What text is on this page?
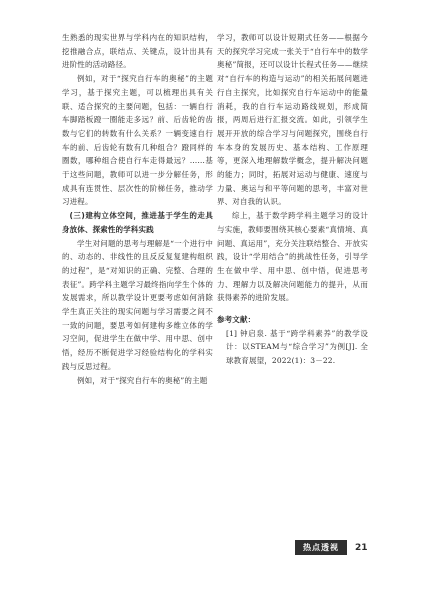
生熟悉的现实世界与学科内在的知识结构，挖推融合点，联结点、关键点，设计出具有进阶性的活动路径。

例如，对于“探究自行车的奥秘”的主题学习，基于探究主题，可以梳理出具有关联、适合探究的主要问题，包括：一辆自行车脚踏板蹬一圈能走多远？前、后齿轮的齿数与它们的转数有什么关系？一辆变速自行车的前、后齿轮有数有几种组合？蹬同样的圈数，哪种组合使自行车走得最远？……基于这些问题，教师可以进一步分解任务，形成具有连贯性、层次性的阶梯任务，推动学习进程。

(三)建构立体空间，推进基于学生的走具身放体、探索性的学科实践

学生对问题的思考与理解是“一个进行中的、动态的、非线性的且反反复复建构组织的过程”，是“对知识的正确、完整、合理的表征”。跨学科主题学习最终指向学生个体的发展需求，所以教学设计更要考虑如何消除学生真正关注的现实问题与学习需要之间不一致的问题，要思考如何建构多维立体的学习空间，促进学生在做中学、用中思、创中悟，经历不断促进学习经验结构化的学科实践与反思过程。

例如，对于“探究自行车的奥秘”的主题

学习，教师可以设计短期式任务——根据今天的探究学习完成一张关于“自行车中的数学奥秘”简报，还可以设计长程式任务——继续对“自行车的构造与运动”的相关拓展问题进行自主探究，比如探究自行车运动中的能量消耗，我的自行车运动路线规划，形成简报，两周后进行汇报交流。如此，引领学生展开开放的综合学习与问题探究，围绕自行车本身的发展历史、基本结构、工作原理等，更深入地理解数学概念，提升解决问题的能力；同时，拓展对运动与健康、速度与力量、奥运与和平等问题的思考，丰富对世界、对自我的认识。

综上，基于数学跨学科主题学习的设计与实施，教师要围绕其核心要素“真情境、真问题、真运用”，充分关注联结整合、开放实践，设计“学用结合”的挑战性任务，引导学生在做中学、用中思、创中悟，促进思考力、理解力以及解决问题能力的提升，从而获得素养的进阶发展。

参考文献：

[1] 钟启泉. 基于“跨学科素养”的教学设计：以STEAM与“综合学习”为例[J]. 全球教育展望，2022(1)：3－22.

热点透视	21
